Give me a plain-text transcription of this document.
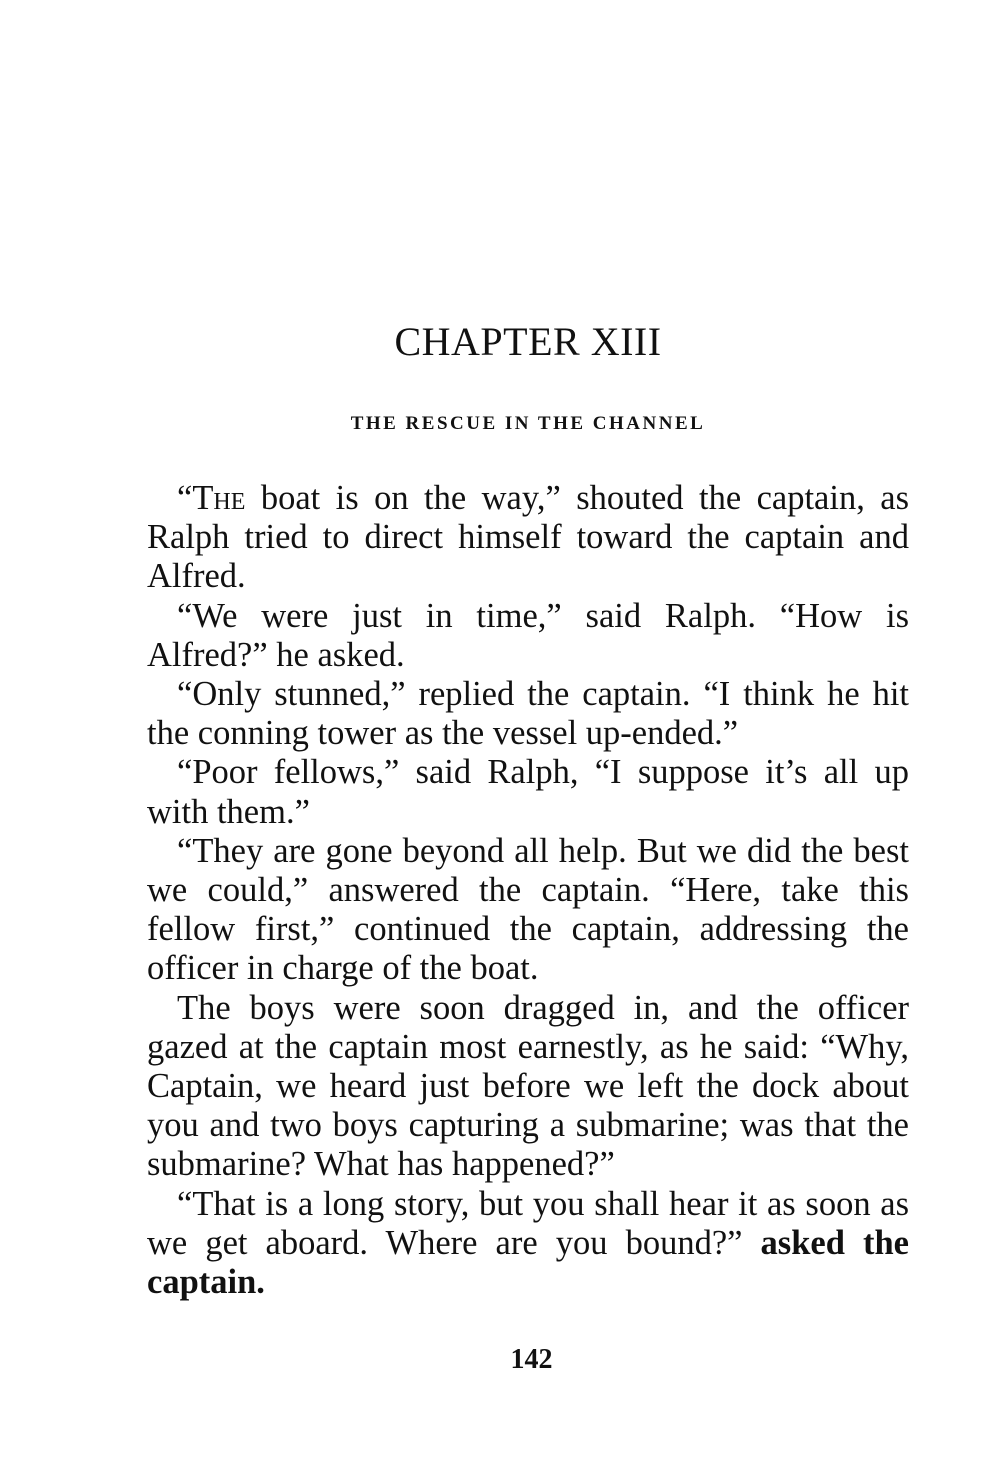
CHAPTER XIII
THE RESCUE IN THE CHANNEL

“The boat is on the way,” shouted the captain, as Ralph tried to direct himself toward the captain and Alfred.

“We were just in time,” said Ralph. “How is Alfred?” he asked.

“Only stunned,” replied the captain. “I think he hit the conning tower as the vessel up-ended.”

“Poor fellows,” said Ralph, “I suppose it’s all up with them.”

“They are gone beyond all help. But we did the best we could,” answered the captain. “Here, take this fellow first,” continued the captain, addressing the officer in charge of the boat.

The boys were soon dragged in, and the officer gazed at the captain most earnestly, as he said: “Why, Captain, we heard just before we left the dock about you and two boys capturing a submarine; was that the submarine? What has happened?”

“That is a long story, but you shall hear it as soon as we get aboard. Where are you bound?” asked the captain.

142
